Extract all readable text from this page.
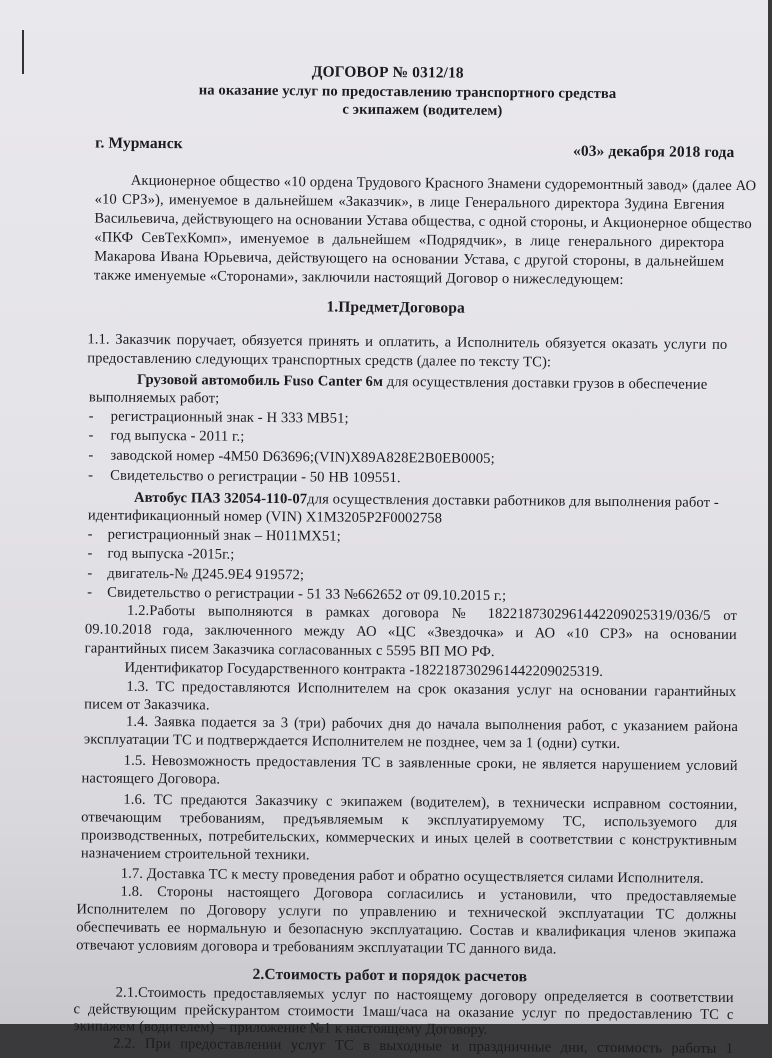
ДОГОВОР № 0312/18
на оказание услуг по предоставлению транспортного средства
с экипажем (водителем)
г. Мурманск	«03» декабря 2018 года
Акционерное общество «10 ордена Трудового Красного Знамени судоремонтный завод» (далее АО
«10 СРЗ»), именуемое в дальнейшем «Заказчик», в лице Генерального директора Зудина Евгения
Васильевича, действующего на основании Устава общества, с одной стороны, и Акционерное общество
«ПКФ СевТехКомп», именуемое в дальнейшем «Подрядчик», в лице генерального директора
Макарова Ивана Юрьевича, действующего на основании Устава, с другой стороны, в дальнейшем
также именуемые «Сторонами», заключили настоящий Договор о нижеследующем:
1.ПредметДоговора
1.1. Заказчик поручает, обязуется принять и оплатить, а Исполнитель обязуется оказать услуги по
предоставлению следующих транспортных средств (далее по тексту ТС):
Грузовой автомобиль Fuso Canter 6м для осуществления доставки грузов в обеспечение
выполняемых работ;
- регистрационный знак - Н 333 МВ51;
- год выпуска - 2011 г.;
- заводской номер -4M50 D63696;(VIN)X89A828E2B0EB0005;
- Свидетельство о регистрации - 50 НВ 109551.
Автобус ПАЗ 32054-110-07для осуществления доставки работников для выполнения работ -
идентификационный номер (VIN) X1M3205P2F0002758
- регистрационный знак – Н011МХ51;
- год выпуска -2015г.;
- двигатель-№ Д245.9Е4 919572;
- Свидетельство о регистрации - 51 33 №662652 от 09.10.2015 г.;
1.2.Работы выполняются в рамках договора № 1822187302961442209025319/036/5 от
09.10.2018 года, заключенного между АО «ЦС «Звездочка» и АО «10 СРЗ» на основании
гарантийных писем Заказчика согласованных с 5595 ВП МО РФ.
Идентификатор Государственного контракта -1822187302961442209025319.
1.3. ТС предоставляются Исполнителем на срок оказания услуг на основании гарантийных
писем от Заказчика.
1.4. Заявка подается за 3 (три) рабочих дня до начала выполнения работ, с указанием района
эксплуатации ТС и подтверждается Исполнителем не позднее, чем за 1 (одни) сутки.
1.5. Невозможность предоставления ТС в заявленные сроки, не является нарушением условий
настоящего Договора.
1.6. ТС предаются Заказчику с экипажем (водителем), в технически исправном состоянии,
отвечающим требованиям, предъявляемым к эксплуатируемому ТС, используемого для
производственных, потребительских, коммерческих и иных целей в соответствии с конструктивным
назначением строительной техники.
1.7. Доставка ТС к месту проведения работ и обратно осуществляется силами Исполнителя.
1.8. Стороны настоящего Договора согласились и установили, что предоставляемые
Исполнителем по Договору услуги по управлению и технической эксплуатации ТС должны
обеспечивать ее нормальную и безопасную эксплуатацию. Состав и квалификация членов экипажа
отвечают условиям договора и требованиям эксплуатации ТС данного вида.
2.Стоимость работ и порядок расчетов
2.1.Стоимость предоставляемых услуг по настоящему договору определяется в соответствии
с действующим прейскурантом стоимости 1маш/часа на оказание услуг по предоставлению ТС с
экипажем (водителем) – приложение №1 к настоящему Договору.
2.2. При предоставлении услуг ТС в выходные и праздничные дни, стоимость работы 1
